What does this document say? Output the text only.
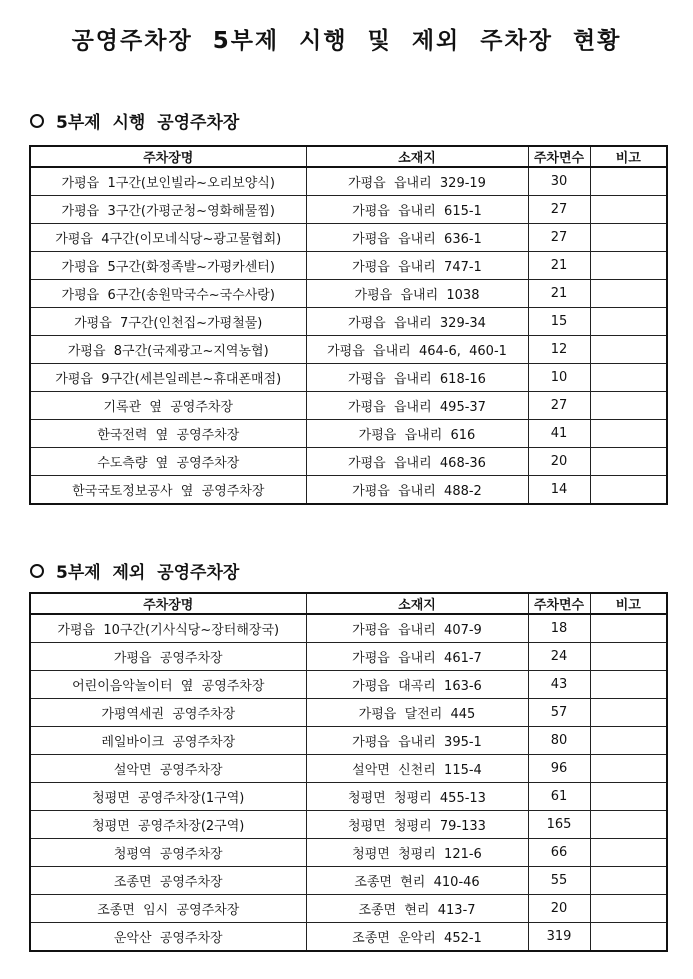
공영주차장  5부제  시행  및  제외  주차장  현황
5부제  시행  공영주차장
주차장명	소재지	주차면수	비고
가평읍  1구간(보인빌라~오리보양식)	가평읍  읍내리  329-19	30	
가평읍  3구간(가평군청~영화해물찜)	가평읍  읍내리  615-1	27	
가평읍  4구간(이모네식당~광고물협회)	가평읍  읍내리  636-1	27	
가평읍  5구간(화정족발~가평카센터)	가평읍  읍내리  747-1	21	
가평읍  6구간(송원막국수~국수사랑)	가평읍  읍내리  1038	21	
가평읍  7구간(인천집~가평철물)	가평읍  읍내리  329-34	15	
가평읍  8구간(국제광고~지역농협)	가평읍  읍내리  464-6,  460-1	12	
가평읍  9구간(세븐일레븐~휴대폰매점)	가평읍  읍내리  618-16	10	
기록관  옆  공영주차장	가평읍  읍내리  495-37	27	
한국전력  옆  공영주차장	가평읍  읍내리  616	41	
수도측량  옆  공영주차장	가평읍  읍내리  468-36	20	
한국국토정보공사  옆  공영주차장	가평읍  읍내리  488-2	14	
5부제  제외  공영주차장
주차장명	소재지	주차면수	비고
가평읍  10구간(기사식당~장터해장국)	가평읍  읍내리  407-9	18	
가평읍  공영주차장	가평읍  읍내리  461-7	24	
어린이음악놀이터  옆  공영주차장	가평읍  대곡리  163-6	43	
가평역세권  공영주차장	가평읍  달전리  445	57	
레일바이크  공영주차장	가평읍  읍내리  395-1	80	
설악면  공영주차장	설악면  신천리  115-4	96	
청평면  공영주차장(1구역)	청평면  청평리  455-13	61	
청평면  공영주차장(2구역)	청평면  청평리  79-133	165	
청평역  공영주차장	청평면  청평리  121-6	66	
조종면  공영주차장	조종면  현리  410-46	55	
조종면  임시  공영주차장	조종면  현리  413-7	20	
운악산  공영주차장	조종면  운악리  452-1	319	
